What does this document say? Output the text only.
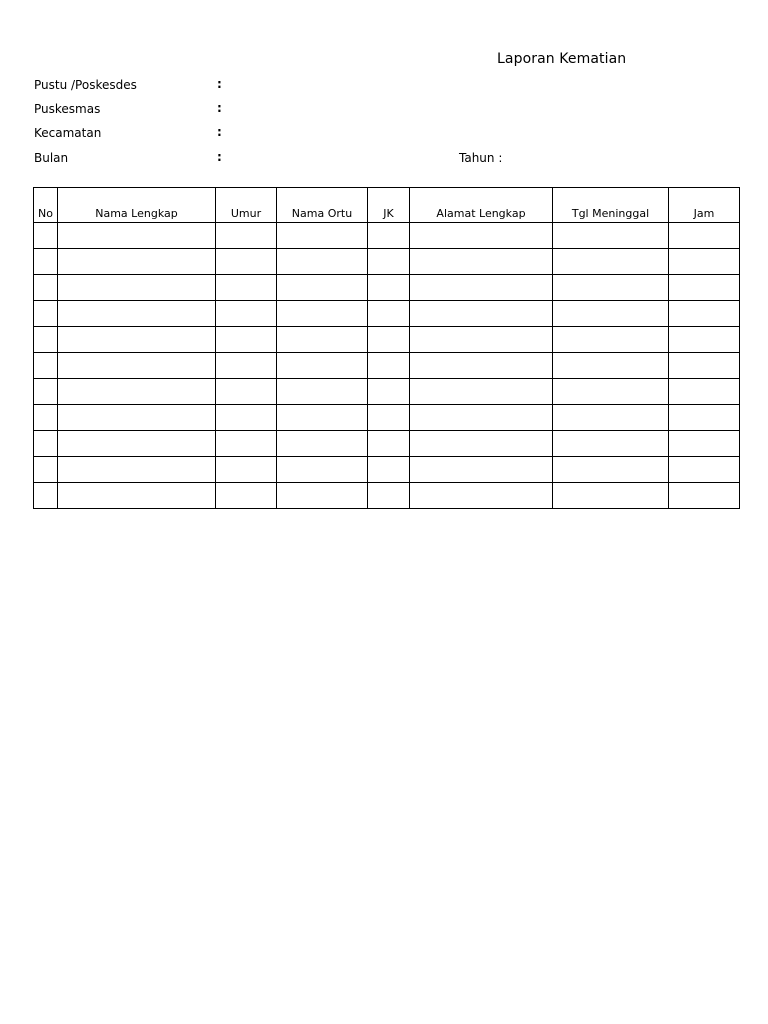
Laporan Kematian
Pustu /Poskesdes	:
Puskesmas	:
Kecamatan	:
Bulan	:	Tahun :
No	Nama Lengkap	Umur	Nama Ortu	JK	Alamat Lengkap	Tgl Meninggal	Jam
